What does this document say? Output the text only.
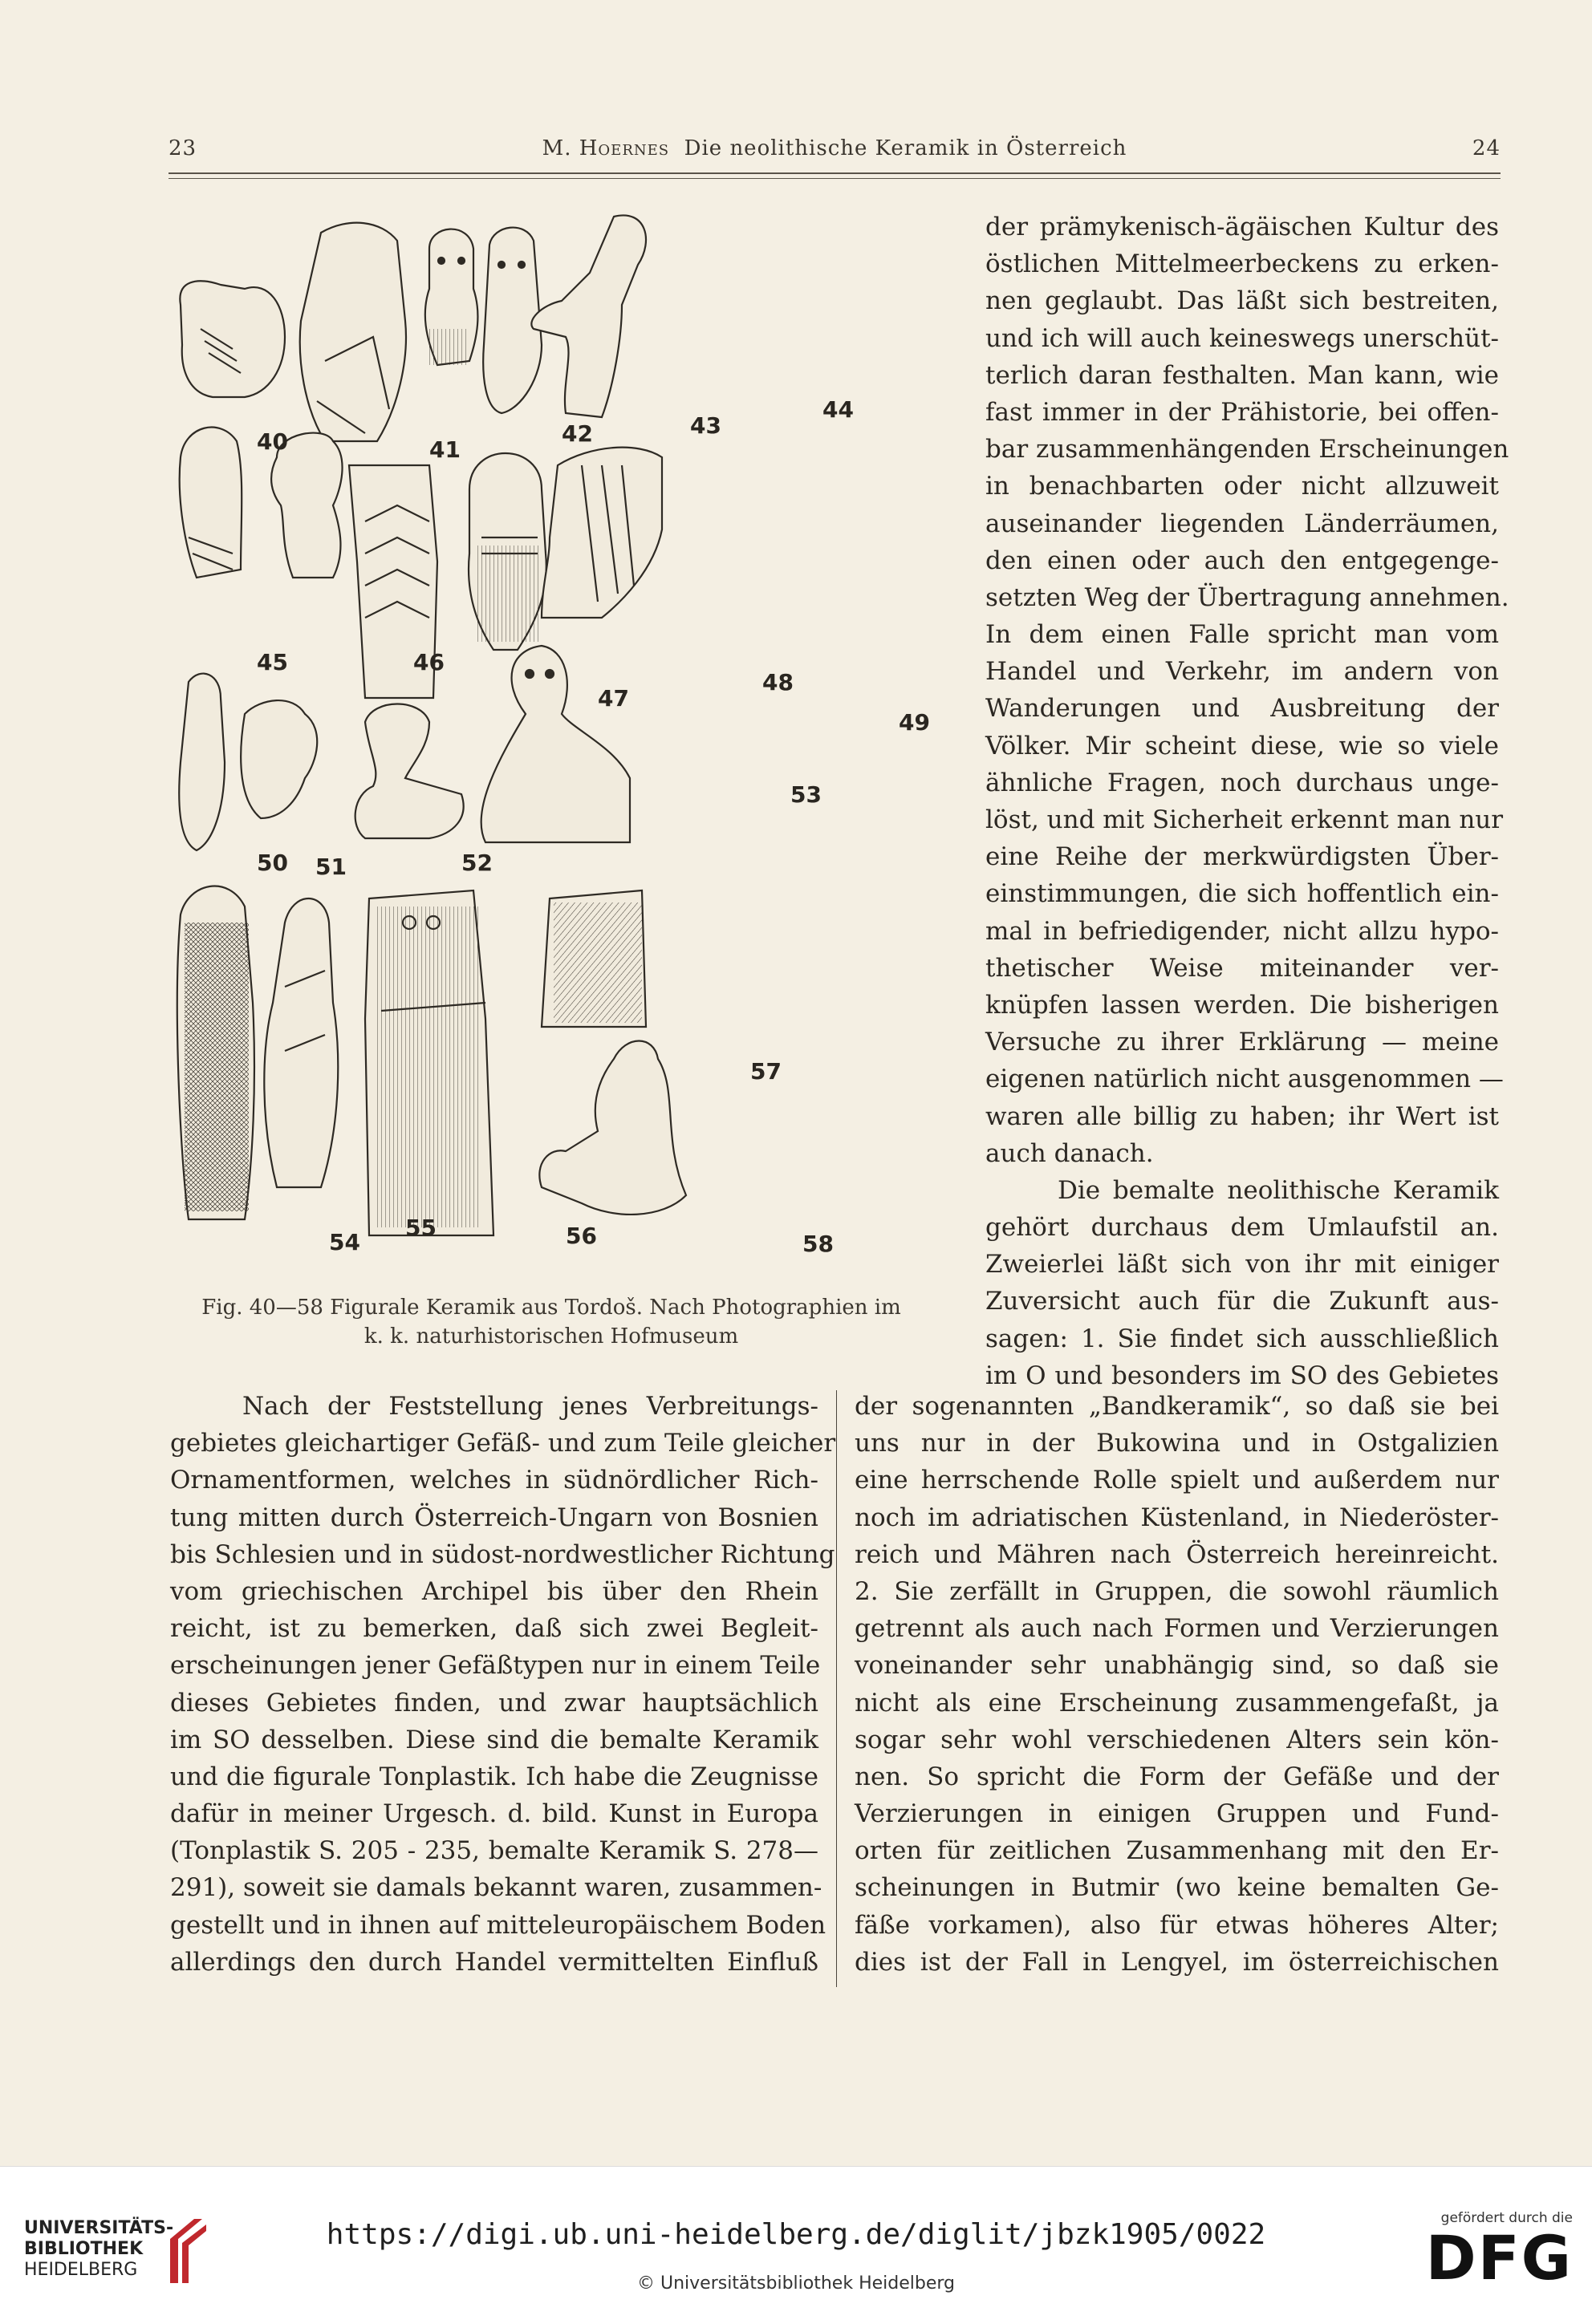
23	M. Hoernes Die neolithische Keramik in Österreich	24
40	41
42	43
44
45	46
47
48
49
50 51	52
53
54
55	56
57
58
Fig. 40—58 Figurale Keramik aus Tordoš. Nach Photographien im
k. k. naturhistorischen Hofmuseum
der prämykenisch-ägäischen Kultur des
östlichen Mittelmeerbeckens zu erken-
nen geglaubt. Das läßt sich bestreiten,
und ich will auch keineswegs unerschüt-
terlich daran festhalten. Man kann, wie
fast immer in der Prähistorie, bei offen-
bar zusammenhängenden Erscheinungen
in benachbarten oder nicht allzuweit
auseinander liegenden Länderräumen,
den einen oder auch den entgegenge-
setzten Weg der Übertragung annehmen.
In dem einen Falle spricht man vom
Handel und Verkehr, im andern von
Wanderungen und Ausbreitung der
Völker. Mir scheint diese, wie so viele
ähnliche Fragen, noch durchaus unge-
löst, und mit Sicherheit erkennt man nur
eine Reihe der merkwürdigsten Über-
einstimmungen, die sich hoffentlich ein-
mal in befriedigender, nicht allzu hypo-
thetischer Weise miteinander ver-
knüpfen lassen werden. Die bisherigen
Versuche zu ihrer Erklärung — meine
eigenen natürlich nicht ausgenommen —
waren alle billig zu haben; ihr Wert ist
auch danach.
Die bemalte neolithische Keramik
gehört durchaus dem Umlaufstil an.
Zweierlei läßt sich von ihr mit einiger
Zuversicht auch für die Zukunft aus-
sagen: 1. Sie findet sich ausschließlich
im O und besonders im SO des Gebietes
Nach der Feststellung jenes Verbreitungs-
gebietes gleichartiger Gefäß- und zum Teile gleicher
Ornamentformen, welches in südnördlicher Rich-
tung mitten durch Österreich-Ungarn von Bosnien
bis Schlesien und in südost-nordwestlicher Richtung
vom griechischen Archipel bis über den Rhein
reicht, ist zu bemerken, daß sich zwei Begleit-
erscheinungen jener Gefäßtypen nur in einem Teile
dieses Gebietes finden, und zwar hauptsächlich
im SO desselben. Diese sind die bemalte Keramik
und die figurale Tonplastik. Ich habe die Zeugnisse
dafür in meiner Urgesch. d. bild. Kunst in Europa
(Tonplastik S. 205 - 235, bemalte Keramik S. 278—
291), soweit sie damals bekannt waren, zusammen-
gestellt und in ihnen auf mitteleuropäischem Boden
allerdings den durch Handel vermittelten Einfluß
der sogenannten „Bandkeramik“, so daß sie bei
uns nur in der Bukowina und in Ostgalizien
eine herrschende Rolle spielt und außerdem nur
noch im adriatischen Küstenland, in Niederöster-
reich und Mähren nach Österreich hereinreicht.
2. Sie zerfällt in Gruppen, die sowohl räumlich
getrennt als auch nach Formen und Verzierungen
voneinander sehr unabhängig sind, so daß sie
nicht als eine Erscheinung zusammengefaßt, ja
sogar sehr wohl verschiedenen Alters sein kön-
nen. So spricht die Form der Gefäße und der
Verzierungen in einigen Gruppen und Fund-
orten für zeitlichen Zusammenhang mit den Er-
scheinungen in Butmir (wo keine bemalten Ge-
fäße vorkamen), also für etwas höheres Alter;
dies ist der Fall in Lengyel, im österreichischen
UNIVERSITÄTS-
BIBLIOTHEK
HEIDELBERG
https://digi.ub.uni-heidelberg.de/diglit/jbzk1905/0022
© Universitätsbibliothek Heidelberg
gefördert durch die
DFG
